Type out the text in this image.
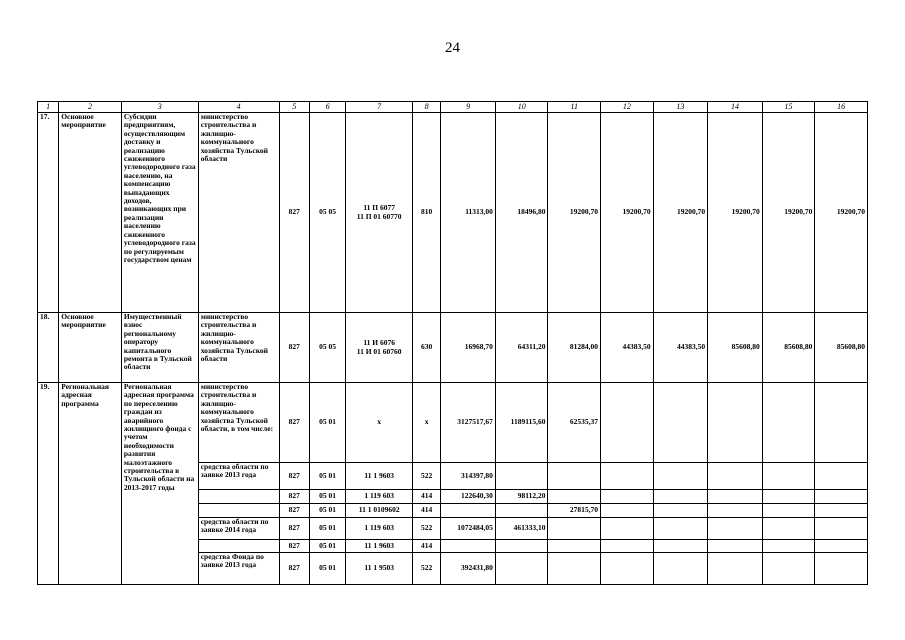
24
1	2	3	4	5	6	7	8	9	10	11	12	13	14	15	16
17.	Основное мероприятие	Субсидии предприятиям, осуществляющим доставку и реализацию сжиженного углеводородного газа населению, на компенсацию выпадающих доходов, возникающих при реализации населению сжиженного углеводородного газа по регулируемым государством ценам	министерство строительства и жилищно-коммунального хозяйства Тульской области	827	05 05	11 П 6077
11 П 01 60770	810	11313,00	18496,80	19200,70	19200,70	19200,70	19200,70	19200,70	19200,70
18.	Основное мероприятие	Имущественный взнос региональному оператору капитального ремонта в Тульской области	министерство строительства и жилищно-коммунального хозяйства Тульской области	827	05 05	11 И 6076
11 И 01 60760	630	16968,70	64311,20	81284,00	44383,50	44383,50	85608,80	85608,80	85608,80
19.	Региональная адресная программа	Региональная адресная программа по переселению граждан из аварийного жилищного фонда с учетом необходимости развития малоэтажного строительства в Тульской области на 2013-2017 годы	министерство строительства и жилищно-коммунального хозяйства Тульской области, в том числе:	827	05 01	x	x	3127517,67	1189115,60	62535,37					
			средства области по заявке 2013 года	827	05 01	11 1 9603	522	314397,80							
				827	05 01	1 119 603	414	122640,30	98112,20						
				827	05 01	11 1 0109602	414			27815,70					
			средства области по заявке 2014 года	827	05 01	1 119 603	522	1072484,05	461333,10						
				827	05 01	11 1 9603	414								
			средства Фонда по заявке 2013 года	827	05 01	11 1 9503	522	392431,80							
